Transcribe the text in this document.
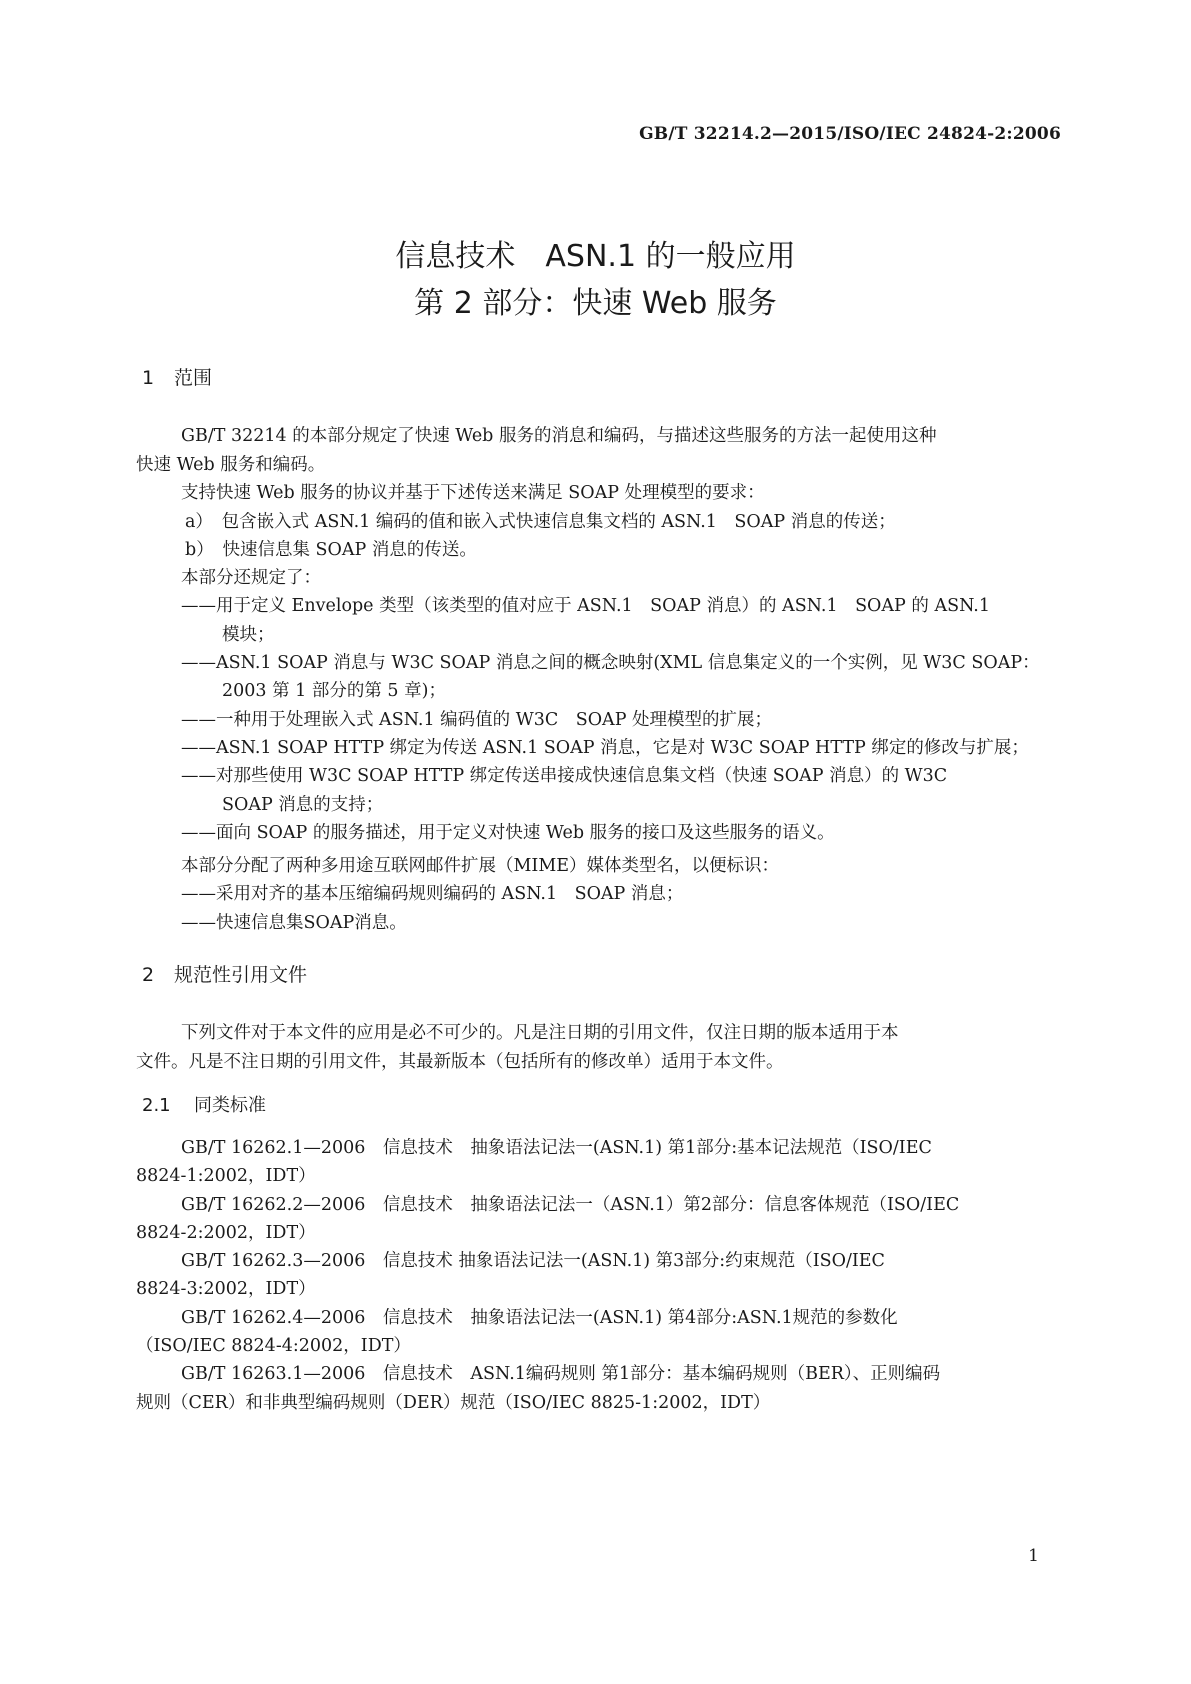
GB/T 32214.2—2015/ISO/IEC 24824-2:2006
信息技术　ASN.1 的一般应用
第 2 部分：快速 Web 服务
1 范围
GB/T 32214 的本部分规定了快速 Web 服务的消息和编码，与描述这些服务的方法一起使用这种
快速 Web 服务和编码。
支持快速 Web 服务的协议并基于下述传送来满足 SOAP 处理模型的要求：
a）　包含嵌入式 ASN.1 编码的值和嵌入式快速信息集文档的 ASN.1　SOAP 消息的传送；
b）　快速信息集 SOAP 消息的传送。
本部分还规定了：
——用于定义 Envelope 类型（该类型的值对应于 ASN.1　SOAP 消息）的 ASN.1　SOAP 的 ASN.1
模块；
——ASN.1 SOAP 消息与 W3C SOAP 消息之间的概念映射(XML 信息集定义的一个实例，见 W3C SOAP：
2003 第 1 部分的第 5 章)；
——一种用于处理嵌入式 ASN.1 编码值的 W3C　SOAP 处理模型的扩展；
——ASN.1 SOAP HTTP 绑定为传送 ASN.1 SOAP 消息，它是对 W3C SOAP HTTP 绑定的修改与扩展；
——对那些使用 W3C SOAP HTTP 绑定传送串接成快速信息集文档（快速 SOAP 消息）的 W3C
SOAP 消息的支持；
——面向 SOAP 的服务描述，用于定义对快速 Web 服务的接口及这些服务的语义。
本部分分配了两种多用途互联网邮件扩展（MIME）媒体类型名，以便标识：
——采用对齐的基本压缩编码规则编码的 ASN.1　SOAP 消息；
——快速信息集SOAP消息。
2 规范性引用文件
下列文件对于本文件的应用是必不可少的。凡是注日期的引用文件，仅注日期的版本适用于本
文件。凡是不注日期的引用文件，其最新版本（包括所有的修改单）适用于本文件。
2.1 同类标准
GB/T 16262.1—2006　信息技术　抽象语法记法一(ASN.1) 第1部分:基本记法规范（ISO/IEC
8824-1:2002，IDT）
GB/T 16262.2—2006　信息技术　抽象语法记法一（ASN.1）第2部分：信息客体规范（ISO/IEC
8824-2:2002，IDT）
GB/T 16262.3—2006　信息技术 抽象语法记法一(ASN.1) 第3部分:约束规范（ISO/IEC
8824-3:2002，IDT）
GB/T 16262.4—2006　信息技术　抽象语法记法一(ASN.1) 第4部分:ASN.1规范的参数化
（ISO/IEC 8824-4:2002，IDT）
GB/T 16263.1—2006　信息技术　ASN.1编码规则 第1部分：基本编码规则（BER）、正则编码
规则（CER）和非典型编码规则（DER）规范（ISO/IEC 8825-1:2002，IDT）
1
